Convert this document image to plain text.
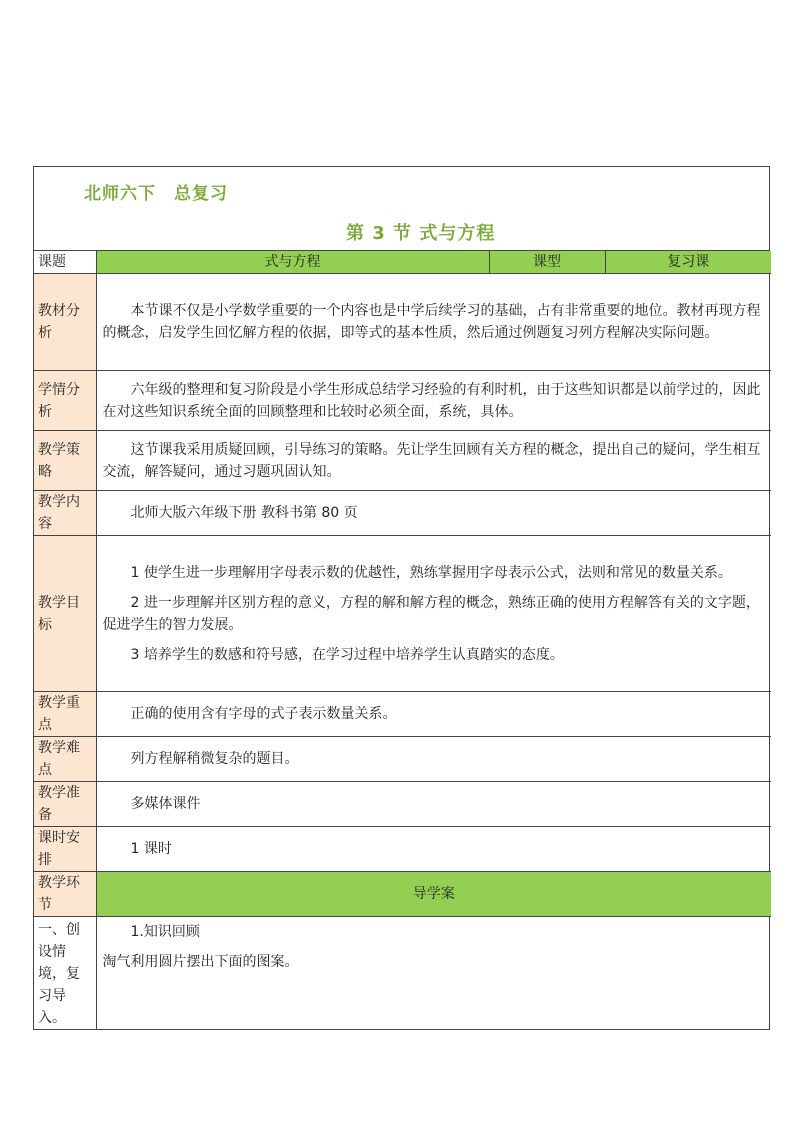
北师六下　总复习
第 3 节 式与方程
课题	式与方程	课型	复习课
教材分析	本节课不仅是小学数学重要的一个内容也是中学后续学习的基础，占有非常重要的地位。教材再现方程的概念，启发学生回忆解方程的依据，即等式的基本性质，然后通过例题复习列方程解决实际问题。		

学情分析	六年级的整理和复习阶段是小学生形成总结学习经验的有利时机，由于这些知识都是以前学过的，因此在对这些知识系统全面的回顾整理和比较时必须全面，系统，具体。		

教学策略	这节课我采用质疑回顾，引导练习的策略。先让学生回顾有关方程的概念，提出自己的疑问，学生相互交流，解答疑问，通过习题巩固认知。		

教学内容	北师大版六年级下册 教科书第 80 页		

教学目标	1 使学生进一步理解用字母表示数的优越性，熟练掌握用字母表示公式，法则和常见的数量关系。

2 进一步理解并区别方程的意义，方程的解和解方程的概念，熟练正确的使用方程解答有关的文字题，促进学生的智力发展。

3 培养学生的数感和符号感，在学习过程中培养学生认真踏实的态度。		

教学重点	正确的使用含有字母的式子表示数量关系。		

教学难点	列方程解稍微复杂的题目。		

教学准备	多媒体课件		

课时安排	1 课时		

教学环节	导学案		
一、创设情境，复习导入。	1.知识回顾

淘气利用圆片摆出下面的图案。		
